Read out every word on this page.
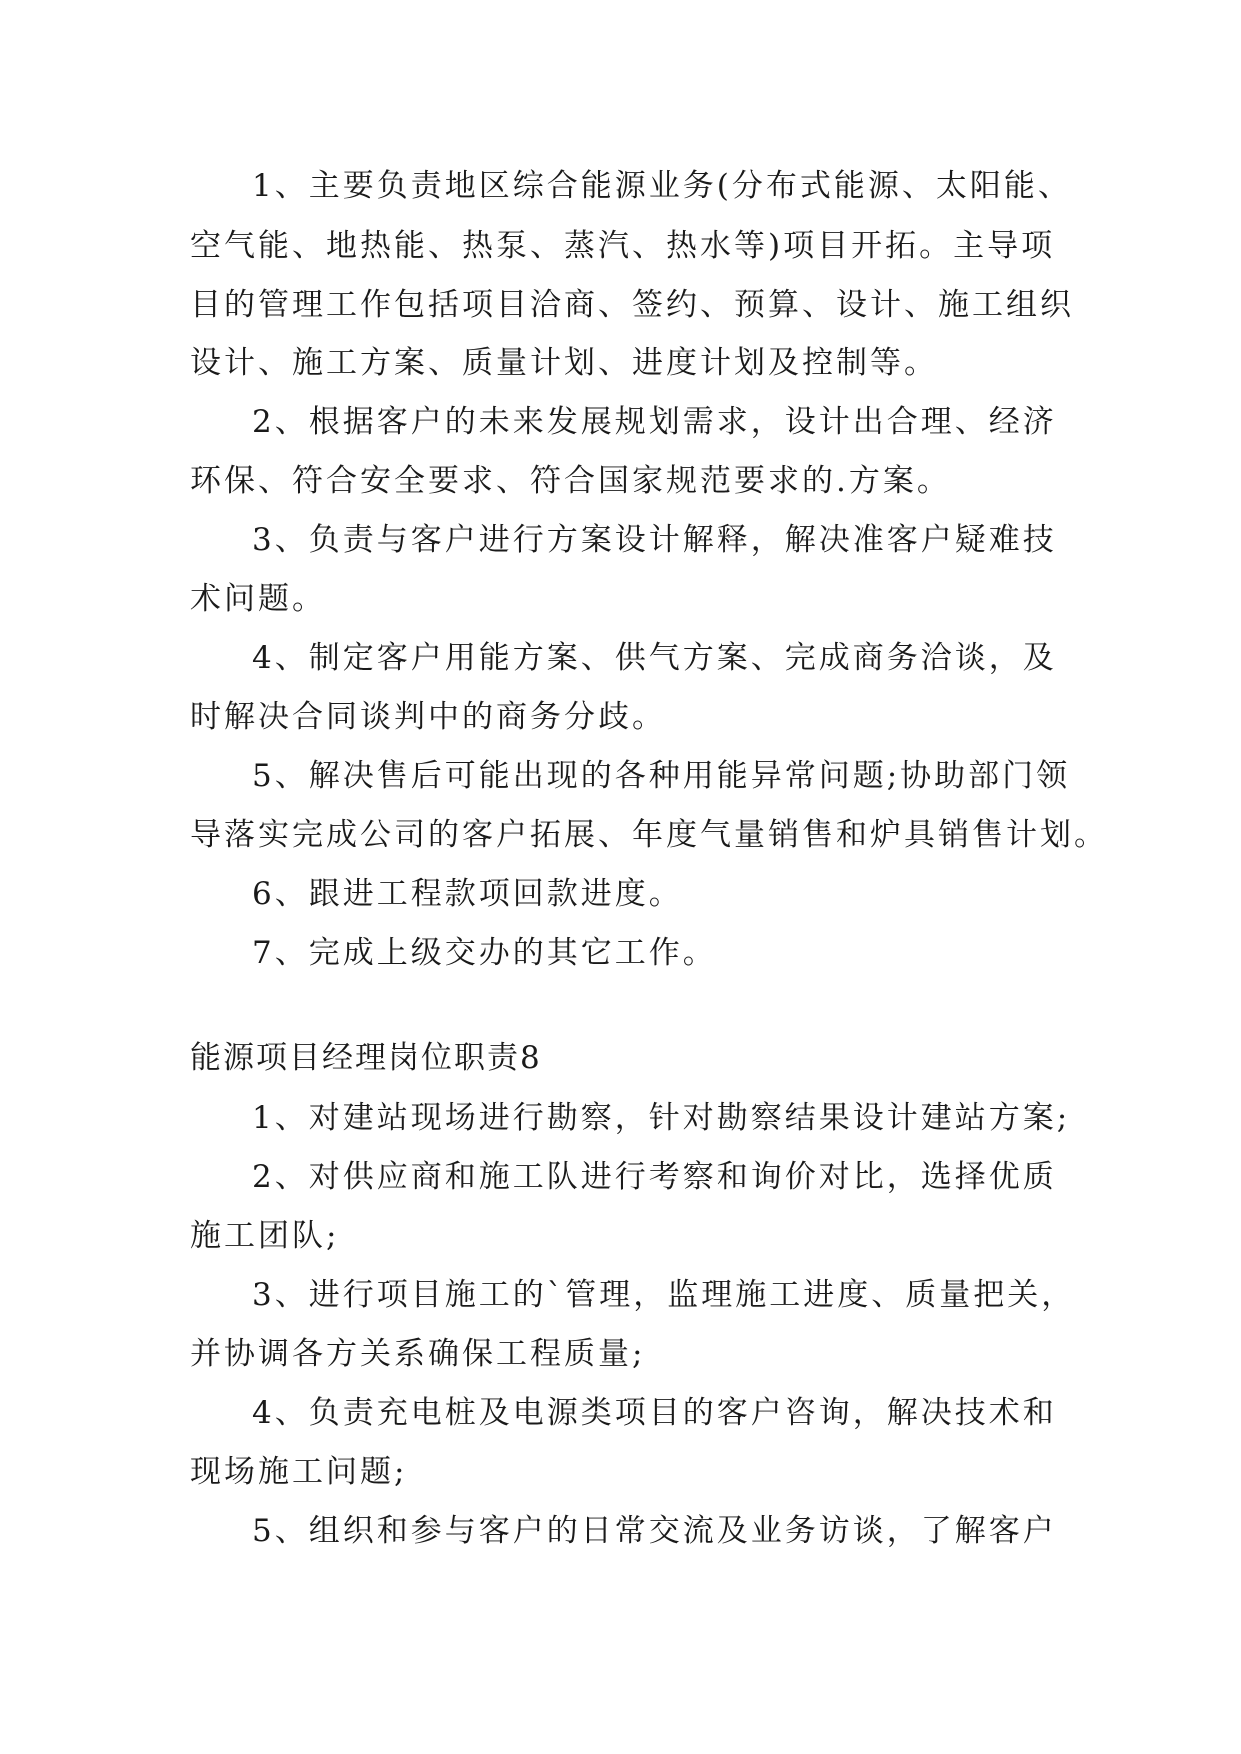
1、主要负责地区综合能源业务(分布式能源、太阳能、
空气能、地热能、热泵、蒸汽、热水等)项目开拓。主导项
目的管理工作包括项目洽商、签约、预算、设计、施工组织
设计、施工方案、质量计划、进度计划及控制等。
2、根据客户的未来发展规划需求，设计出合理、经济
环保、符合安全要求、符合国家规范要求的.方案。
3、负责与客户进行方案设计解释，解决准客户疑难技
术问题。
4、制定客户用能方案、供气方案、完成商务洽谈，及
时解决合同谈判中的商务分歧。
5、解决售后可能出现的各种用能异常问题;协助部门领
导落实完成公司的客户拓展、年度气量销售和炉具销售计划。
6、跟进工程款项回款进度。
7、完成上级交办的其它工作。
能源项目经理岗位职责8
1、对建站现场进行勘察，针对勘察结果设计建站方案;
2、对供应商和施工队进行考察和询价对比，选择优质
施工团队;
3、进行项目施工的`管理，监理施工进度、质量把关，
并协调各方关系确保工程质量;
4、负责充电桩及电源类项目的客户咨询，解决技术和
现场施工问题;
5、组织和参与客户的日常交流及业务访谈，了解客户
